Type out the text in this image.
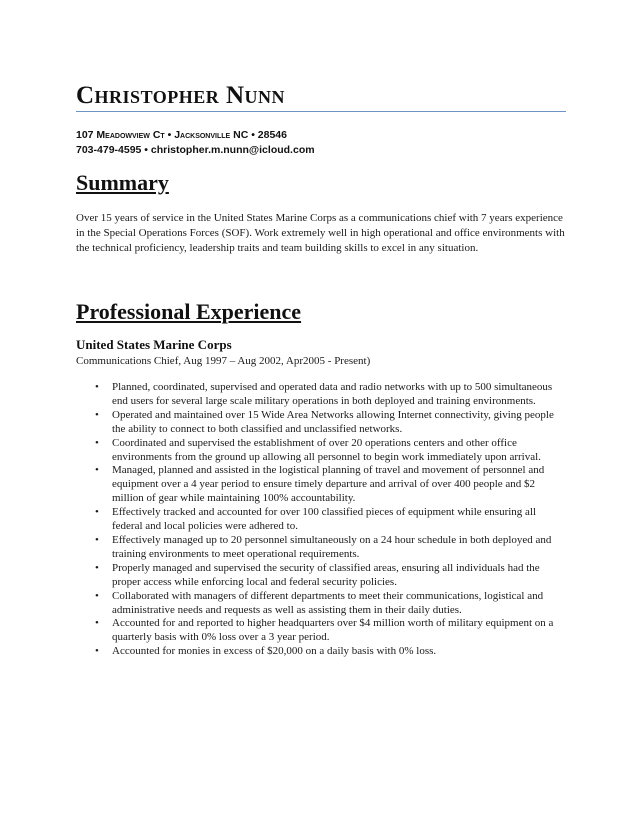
Christopher Nunn
107 Meadowview Ct • Jacksonville NC • 28546
703-479-4595 • christopher.m.nunn@icloud.com
Summary
Over 15 years of service in the United States Marine Corps as a communications chief with 7 years experience in the Special Operations Forces (SOF). Work extremely well in high operational and office environments with the technical proficiency, leadership traits and team building skills to excel in any situation.
Professional Experience
United States Marine Corps
Communications Chief, Aug 1997 – Aug 2002, Apr2005 - Present)
• Planned, coordinated, supervised and operated data and radio networks with up to 500 simultaneous end users for several large scale military operations in both deployed and training environments.
• Operated and maintained over 15 Wide Area Networks allowing Internet connectivity, giving people the ability to connect to both classified and unclassified networks.
• Coordinated and supervised the establishment of over 20 operations centers and other office environments from the ground up allowing all personnel to begin work immediately upon arrival.
• Managed, planned and assisted in the logistical planning of travel and movement of personnel and equipment over a 4 year period to ensure timely departure and arrival of over 400 people and $2 million of gear while maintaining 100% accountability.
• Effectively tracked and accounted for over 100 classified pieces of equipment while ensuring all federal and local policies were adhered to.
• Effectively managed up to 20 personnel simultaneously on a 24 hour schedule in both deployed and training environments to meet operational requirements.
• Properly managed and supervised the security of classified areas, ensuring all individuals had the proper access while enforcing local and federal security policies.
• Collaborated with managers of different departments to meet their communications, logistical and administrative needs and requests as well as assisting them in their daily duties.
• Accounted for and reported to higher headquarters over $4 million worth of military equipment on a quarterly basis with 0% loss over a 3 year period.
• Accounted for monies in excess of $20,000 on a daily basis with 0% loss.
